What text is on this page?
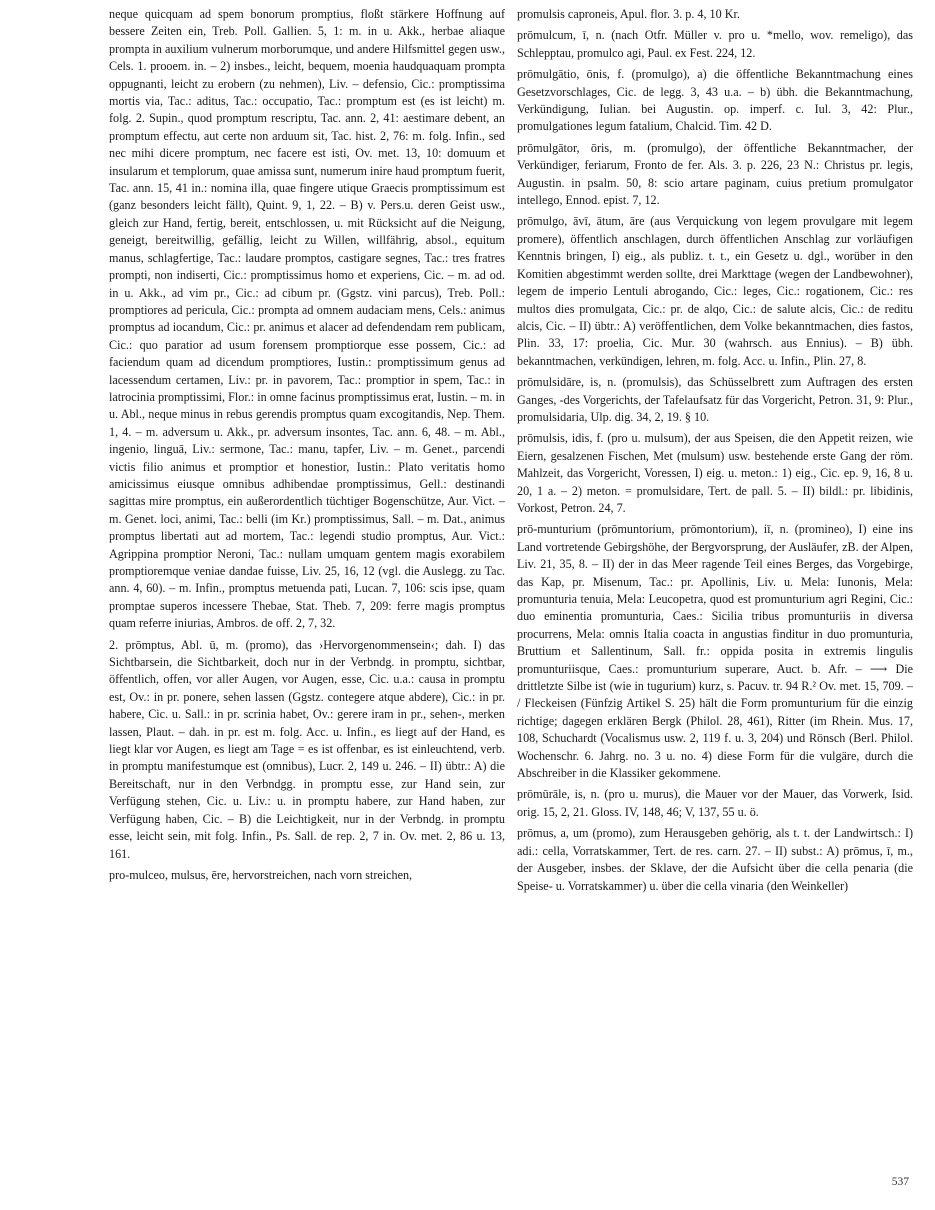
neque quicquam ad spem bonorum promptius, floßt stärkere Hoffnung auf bessere Zeiten ein, Treb. Poll. Gallien. 5, 1: m. in u. Akk., herbae aliaque prompta in auxilium vulnerum morborumque, und andere Hilfsmittel gegen usw., Cels. 1. prooem. in. – 2) insbes., leicht, bequem, moenia haudquaquam prompta oppugnanti, leicht zu erobern (zu nehmen), Liv. – defensio, Cic.: promptissima mortis via, Tac.: aditus, Tac.: occupatio, Tac.: promptum est (es ist leicht) m. folg. 2. Supin., quod promptum rescriptu, Tac. ann. 2, 41: aestimare debent, an promptum effectu, aut certe non arduum sit, Tac. hist. 2, 76: m. folg. Infin., sed nec mihi dicere promptum, nec facere est isti, Ov. met. 13, 10: domuum et insularum et templorum, quae amissa sunt, numerum inire haud promptum fuerit, Tac. ann. 15, 41 in.: nomina illa, quae fingere utique Graecis promptissimum est (ganz besonders leicht fällt), Quint. 9, 1, 22. – B) v. Pers.u. deren Geist usw., gleich zur Hand, fertig, bereit, entschlossen, u. mit Rücksicht auf die Neigung, geneigt, bereitwillig, gefällig, leicht zu Willen, willfährig, absol., equitum manus, schlagfertige, Tac.: laudare promptos, castigare segnes, Tac.: tres fratres prompti, non indiserti, Cic.: promptissimus homo et experiens, Cic. – m. ad od. in u. Akk., ad vim pr., Cic.: ad cibum pr. (Ggstz. vini parcus), Treb. Poll.: promptiores ad pericula, Cic.: prompta ad omnem audaciam mens, Cels.: animus promptus ad iocandum, Cic.: pr. animus et alacer ad defendendam rem publicam, Cic.: quo paratior ad usum forensem promptiorque esse possem, Cic.: ad faciendum quam ad dicendum promptiores, Iustin.: promptissimum genus ad lacessendum certamen, Liv.: pr. in pavorem, Tac.: promptior in spem, Tac.: in latrocinia promptissimi, Flor.: in omne facinus promptissimus erat, Iustin. – m. in u. Abl., neque minus in rebus gerendis promptus quam excogitandis, Nep. Them. 1, 4. – m. adversum u. Akk., pr. adversum insontes, Tac. ann. 6, 48. – m. Abl., ingenio, linguā, Liv.: sermone, Tac.: manu, tapfer, Liv. – m. Genet., parcendi victis filio animus et promptior et honestior, Iustin.: Plato veritatis homo amicissimus eiusque omnibus adhibendae promptissimus, Gell.: destinandi sagittas mire promptus, ein außerordentlich tüchtiger Bogenschütze, Aur. Vict. – m. Genet. loci, animi, Tac.: belli (im Kr.) promptissimus, Sall. – m. Dat., animus promptus libertati aut ad mortem, Tac.: legendi studio promptus, Aur. Vict.: Agrippina promptior Neroni, Tac.: nullam umquam gentem magis exorabilem promptioremque veniae dandae fuisse, Liv. 25, 16, 12 (vgl. die Auslegg. zu Tac. ann. 4, 60). – m. Infin., promptus metuenda pati, Lucan. 7, 106: scis ipse, quam promptae superos incessere Thebae, Stat. Theb. 7, 209: ferre magis promptus quam referre iniurias, Ambros. de off. 2, 7, 32.

2. prōmptus, Abl. ū, m. (promo), das ›Hervorgenommensein‹; dah. I) das Sichtbarsein, die Sichtbarkeit, doch nur in der Verbndg. in promptu, sichtbar, öffentlich, offen, vor aller Augen, vor Augen, esse, Cic. u.a.: causa in promptu est, Ov.: in pr. ponere, sehen lassen (Ggstz. contegere atque abdere), Cic.: in pr. habere, Cic. u. Sall.: in pr. scrinia habet, Ov.: gerere iram in pr., sehen-, merken lassen, Plaut. – dah. in pr. est m. folg. Acc. u. Infin., es liegt auf der Hand, es liegt klar vor Augen, es liegt am Tage = es ist offenbar, es ist einleuchtend, verb. in promptu manifestumque est (omnibus), Lucr. 2, 149 u. 246. – II) übtr.: A) die Bereitschaft, nur in den Verbndgg. in promptu esse, zur Hand sein, zur Verfügung stehen, Cic. u. Liv.: u. in promptu habere, zur Hand haben, zur Verfügung haben, Cic. – B) die Leichtigkeit, nur in der Verbndg. in promptu esse, leicht sein, mit folg. Infin., Ps. Sall. de rep. 2, 7 in. Ov. met. 2, 86 u. 13, 161.

pro-mulceo, mulsus, ēre, hervorstreichen, nach vorn streichen,

promulsis caproneis, Apul. flor. 3. p. 4, 10 Kr.

prōmulcum, ī, n. (nach Otfr. Müller v. pro u. *mello, wov. remeligo), das Schlepptau, promulco agi, Paul. ex Fest. 224, 12.

prōmulgātio, ōnis, f. (promulgo), a) die öffentliche Bekanntmachung eines Gesetzvorschlages, Cic. de legg. 3, 43 u.a. – b) übh. die Bekanntmachung, Verkündigung, Iulian. bei Augustin. op. imperf. c. Iul. 3, 42: Plur., promulgationes legum fatalium, Chalcid. Tim. 42 D.

prōmulgātor, ōris, m. (promulgo), der öffentliche Bekanntmacher, der Verkündiger, feriarum, Fronto de fer. Als. 3. p. 226, 23 N.: Christus pr. legis, Augustin. in psalm. 50, 8: scio artare paginam, cuius pretium promulgator intellego, Ennod. epist. 7, 12.

prōmulgo, āvī, ātum, āre (aus Verquickung von legem provulgare mit legem promere), öffentlich anschlagen, durch öffentlichen Anschlag zur vorläufigen Kenntnis bringen, I) eig., als publiz. t. t., ein Gesetz u. dgl., worüber in den Komitien abgestimmt werden sollte, drei Markttage (wegen der Landbewohner), legem de imperio Lentuli abrogando, Cic.: leges, Cic.: rogationem, Cic.: res multos dies promulgata, Cic.: pr. de alqo, Cic.: de salute alcis, Cic.: de reditu alcis, Cic. – II) übtr.: A) veröffentlichen, dem Volke bekanntmachen, dies fastos, Plin. 33, 17: proelia, Cic. Mur. 30 (wahrsch. aus Ennius). – B) übh. bekanntmachen, verkündigen, lehren, m. folg. Acc. u. Infin., Plin. 27, 8.

prōmulsidāre, is, n. (promulsis), das Schüsselbrett zum Auftragen des ersten Ganges, -des Vorgerichts, der Tafelaufsatz für das Vorgericht, Petron. 31, 9: Plur., promulsidaria, Ulp. dig. 34, 2, 19. § 10.

prōmulsis, idis, f. (pro u. mulsum), der aus Speisen, die den Appetit reizen, wie Eiern, gesalzenen Fischen, Met (mulsum) usw. bestehende erste Gang der röm. Mahlzeit, das Vorgericht, Voressen, I) eig. u. meton.: 1) eig., Cic. ep. 9, 16, 8 u. 20, 1 a. – 2) meton. = promulsidare, Tert. de pall. 5. – II) bildl.: pr. libidinis, Vorkost, Petron. 24, 7.

prō-munturium (prōmuntorium, prōmontorium), iī, n. (promineo), I) eine ins Land vortretende Gebirgshöhe, der Bergvorsprung, der Ausläufer, zB. der Alpen, Liv. 21, 35, 8. – II) der in das Meer ragende Teil eines Berges, das Vorgebirge, das Kap, pr. Misenum, Tac.: pr. Apollinis, Liv. u. Mela: Iunonis, Mela: promunturia tenuia, Mela: Leucopetra, quod est promunturium agri Regini, Cic.: duo eminentia promunturia, Caes.: Sicilia tribus promunturiis in diversa procurrens, Mela: omnis Italia coacta in angustias finditur in duo promunturia, Bruttium et Sallentinum, Sall. fr.: oppida posita in extremis lingulis promunturiisque, Caes.: promunturium superare, Auct. b. Afr. – ⟶ Die drittletzte Silbe ist (wie in tugurium) kurz, s. Pacuv. tr. 94 R.² Ov. met. 15, 709. – / Fleckeisen (Fünfzig Artikel S. 25) hält die Form promunturium für die einzig richtige; dagegen erklären Bergk (Philol. 28, 461), Ritter (im Rhein. Mus. 17, 108, Schuchardt (Vocalismus usw. 2, 119 f. u. 3, 204) und Rönsch (Berl. Philol. Wochenschr. 6. Jahrg. no. 3 u. no. 4) diese Form für die vulgäre, durch die Abschreiber in die Klassiker gekommene.

prōmūrāle, is, n. (pro u. murus), die Mauer vor der Mauer, das Vorwerk, Isid. orig. 15, 2, 21. Gloss. IV, 148, 46; V, 137, 55 u. ö.

prōmus, a, um (promo), zum Herausgeben gehörig, als t. t. der Landwirtsch.: I) adi.: cella, Vorratskammer, Tert. de res. carn. 27. – II) subst.: A) prōmus, ī, m., der Ausgeber, insbes. der Sklave, der die Aufsicht über die cella penaria (die Speise- u. Vorratskammer) u. über die cella vinaria (den Weinkeller)

537
